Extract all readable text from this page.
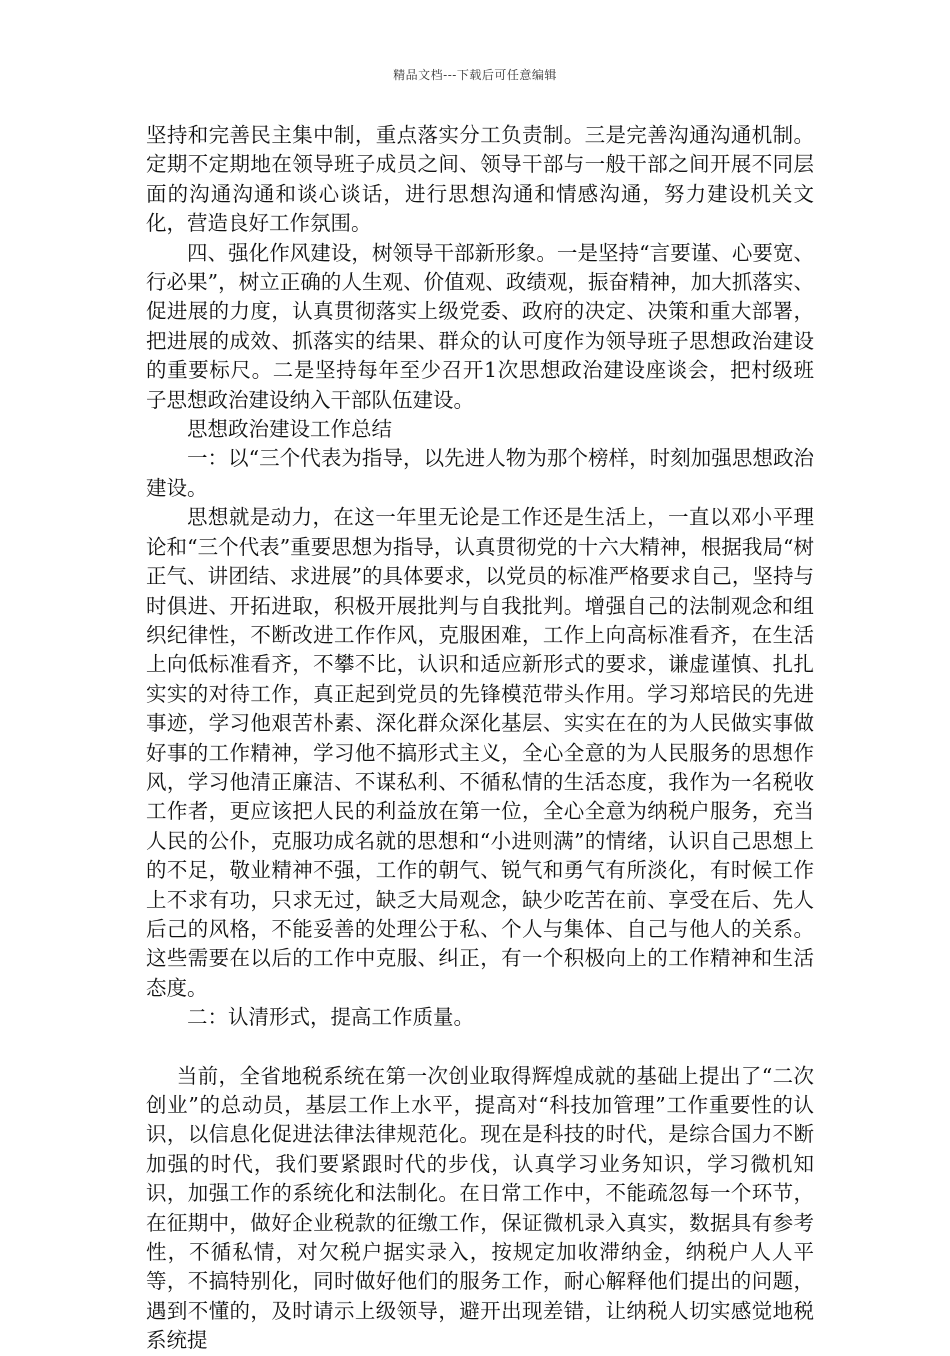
精品文档---下载后可任意编辑

坚持和完善民主集中制，重点落实分工负责制。三是完善沟通沟通机制。定期不定期地在领导班子成员之间、领导干部与一般干部之间开展不同层面的沟通沟通和谈心谈话，进行思想沟通和情感沟通，努力建设机关文化，营造良好工作氛围。

四、强化作风建设，树领导干部新形象。一是坚持“言要谨、心要宽、行必果”，树立正确的人生观、价值观、政绩观，振奋精神，加大抓落实、促进展的力度，认真贯彻落实上级党委、政府的决定、决策和重大部署，把进展的成效、抓落实的结果、群众的认可度作为领导班子思想政治建设的重要标尺。二是坚持每年至少召开1次思想政治建设座谈会，把村级班子思想政治建设纳入干部队伍建设。

思想政治建设工作总结

一：以“三个代表为指导，以先进人物为那个榜样，时刻加强思想政治建设。

思想就是动力，在这一年里无论是工作还是生活上，一直以邓小平理论和“三个代表”重要思想为指导，认真贯彻党的十六大精神，根据我局“树正气、讲团结、求进展”的具体要求，以党员的标准严格要求自己，坚持与时俱进、开拓进取，积极开展批判与自我批判。增强自己的法制观念和组织纪律性，不断改进工作作风，克服困难，工作上向高标准看齐，在生活上向低标准看齐，不攀不比，认识和适应新形式的要求，谦虚谨慎、扎扎实实的对待工作，真正起到党员的先锋模范带头作用。学习郑培民的先进事迹，学习他艰苦朴素、深化群众深化基层、实实在在的为人民做实事做好事的工作精神，学习他不搞形式主义，全心全意的为人民服务的思想作风，学习他清正廉洁、不谋私利、不循私情的生活态度，我作为一名税收工作者，更应该把人民的利益放在第一位，全心全意为纳税户服务，充当人民的公仆，克服功成名就的思想和“小进则满”的情绪，认识自己思想上的不足，敬业精神不强，工作的朝气、锐气和勇气有所淡化，有时候工作上不求有功，只求无过，缺乏大局观念，缺少吃苦在前、享受在后、先人后己的风格，不能妥善的处理公于私、个人与集体、自己与他人的关系。这些需要在以后的工作中克服、纠正，有一个积极向上的工作精神和生活态度。

二：认清形式，提高工作质量。

当前，全省地税系统在第一次创业取得辉煌成就的基础上提出了“二次创业”的总动员，基层工作上水平，提高对“科技加管理”工作重要性的认识，以信息化促进法律法律规范化。现在是科技的时代，是综合国力不断加强的时代，我们要紧跟时代的步伐，认真学习业务知识，学习微机知识，加强工作的系统化和法制化。在日常工作中，不能疏忽每一个环节，在征期中，做好企业税款的征缴工作，保证微机录入真实，数据具有参考性，不循私情，对欠税户据实录入，按规定加收滞纳金，纳税户人人平等，不搞特别化，同时做好他们的服务工作，耐心解释他们提出的问题，遇到不懂的，及时请示上级领导，避开出现差错，让纳税人切实感觉地税系统提
